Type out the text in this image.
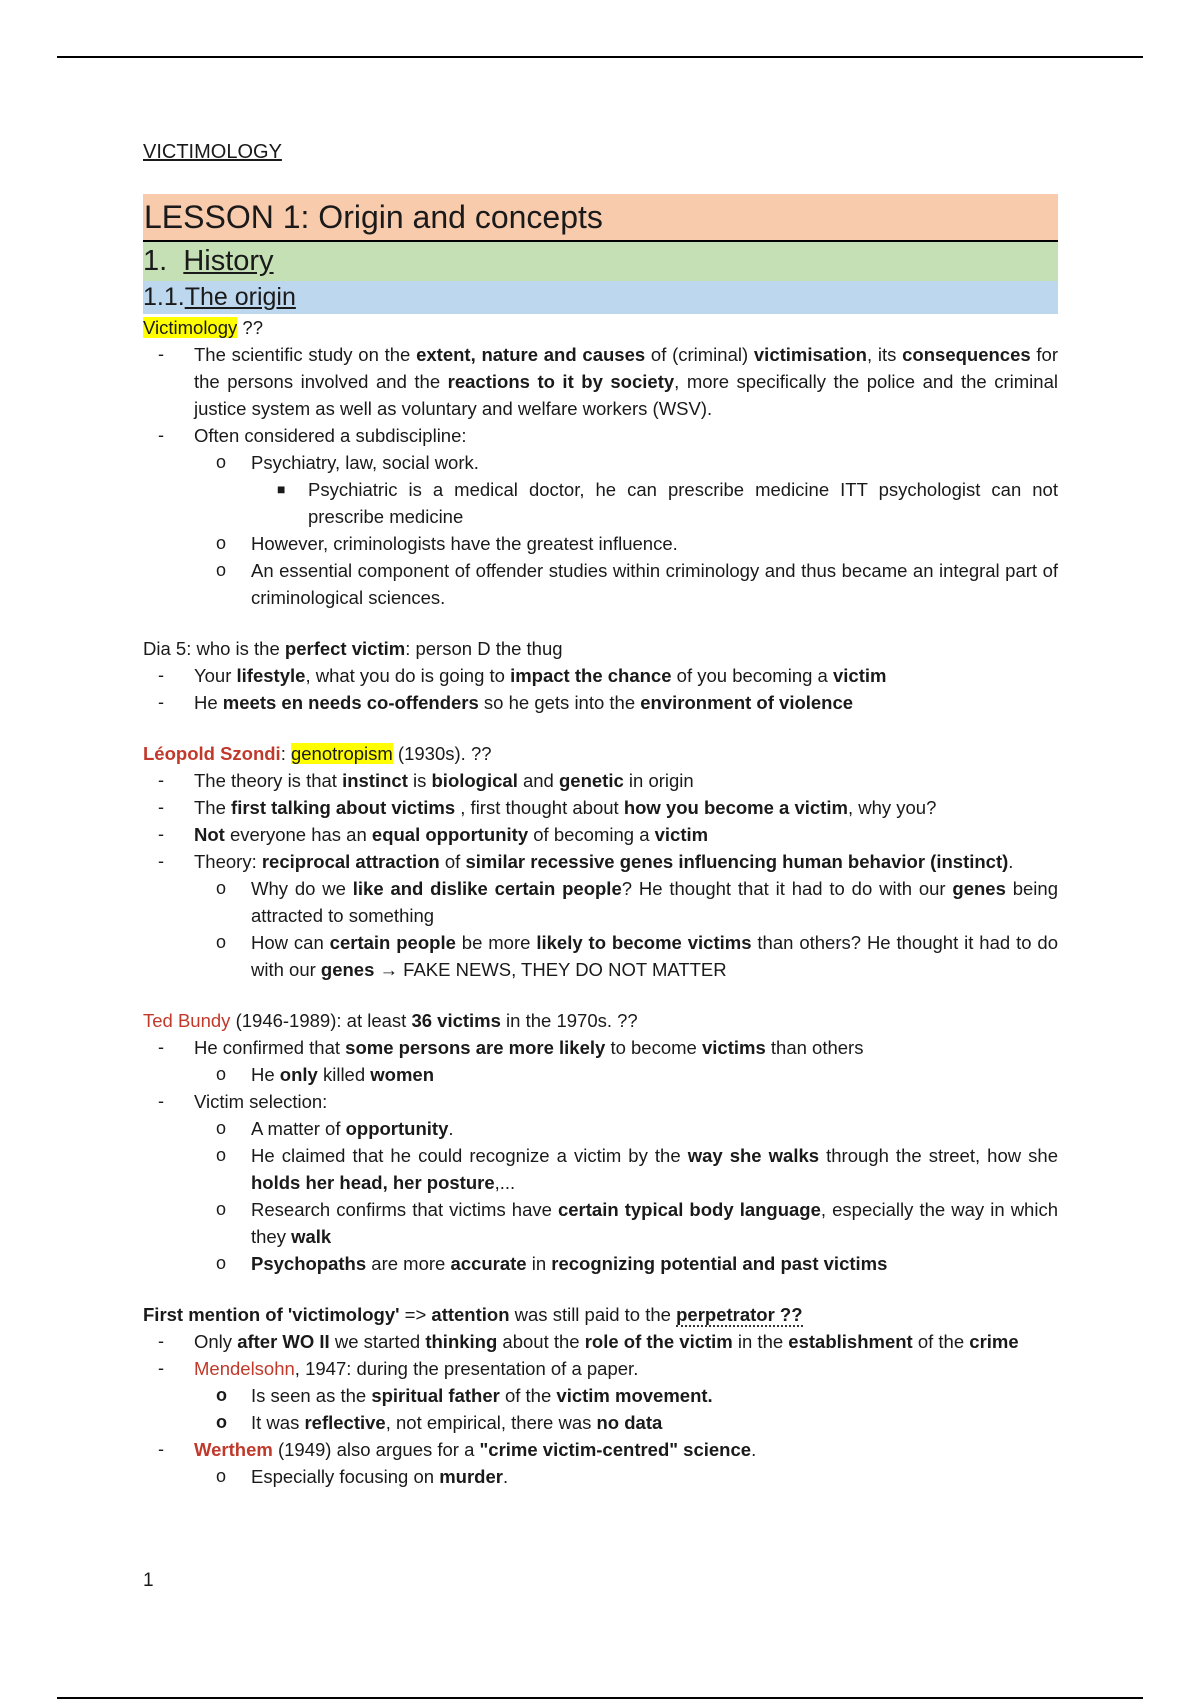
VICTIMOLOGY
LESSON 1: Origin and concepts
1. History
1.1.The origin
Victimology ??
- The scientific study on the extent, nature and causes of (criminal) victimisation, its consequences for the persons involved and the reactions to it by society, more specifically the police and the criminal justice system as well as voluntary and welfare workers (WSV).
- Often considered a subdiscipline:
o Psychiatry, law, social work.
■ Psychiatric is a medical doctor, he can prescribe medicine ITT psychologist can not prescribe medicine
o However, criminologists have the greatest influence.
o An essential component of offender studies within criminology and thus became an integral part of criminological sciences.
Dia 5: who is the perfect victim: person D the thug
- Your lifestyle, what you do is going to impact the chance of you becoming a victim
- He meets en needs co-offenders so he gets into the environment of violence
Léopold Szondi: genotropism (1930s). ??
- The theory is that instinct is biological and genetic in origin
- The first talking about victims , first thought about how you become a victim, why you?
- Not everyone has an equal opportunity of becoming a victim
- Theory: reciprocal attraction of similar recessive genes influencing human behavior (instinct).
o Why do we like and dislike certain people? He thought that it had to do with our genes being attracted to something
o How can certain people be more likely to become victims than others? He thought it had to do with our genes → FAKE NEWS, THEY DO NOT MATTER
Ted Bundy (1946-1989): at least 36 victims in the 1970s. ??
- He confirmed that some persons are more likely to become victims than others
o He only killed women
- Victim selection:
o A matter of opportunity.
o He claimed that he could recognize a victim by the way she walks through the street, how she holds her head, her posture,...
o Research confirms that victims have certain typical body language, especially the way in which they walk
o Psychopaths are more accurate in recognizing potential and past victims
First mention of 'victimology' => attention was still paid to the perpetrator ??
- Only after WO II we started thinking about the role of the victim in the establishment of the crime
- Mendelsohn, 1947: during the presentation of a paper.
o Is seen as the spiritual father of the victim movement.
o It was reflective, not empirical, there was no data
- Werthem (1949) also argues for a "crime victim-centred" science.
o Especially focusing on murder.
1
